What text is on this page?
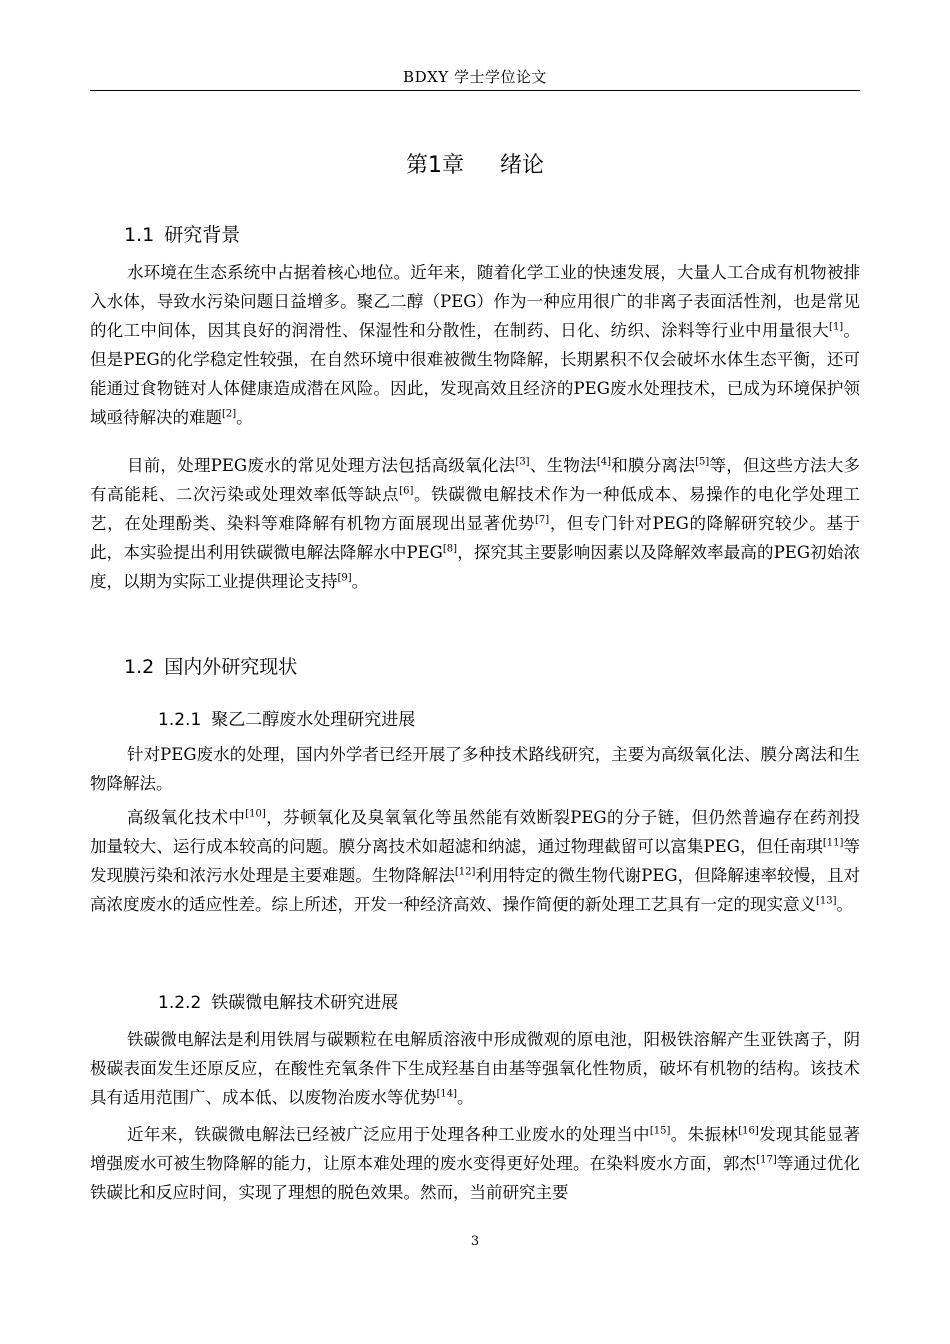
BDXY 学士学位论文
第1章 绪论
1.1 研究背景

水环境在生态系统中占据着核心地位。近年来，随着化学工业的快速发展，大量人工合成有机物被排入水体，导致水污染问题日益增多。聚乙二醇（PEG）作为一种应用很广的非离子表面活性剂，也是常见的化工中间体，因其良好的润滑性、保湿性和分散性，在制药、日化、纺织、涂料等行业中用量很大[1]。但是PEG的化学稳定性较强，在自然环境中很难被微生物降解，长期累积不仅会破坏水体生态平衡，还可能通过食物链对人体健康造成潜在风险。因此，发现高效且经济的PEG废水处理技术，已成为环境保护领域亟待解决的难题[2]。

目前，处理PEG废水的常见处理方法包括高级氧化法[3]、生物法[4]和膜分离法[5]等，但这些方法大多有高能耗、二次污染或处理效率低等缺点[6]。铁碳微电解技术作为一种低成本、易操作的电化学处理工艺，在处理酚类、染料等难降解有机物方面展现出显著优势[7]，但专门针对PEG的降解研究较少。基于此，本实验提出利用铁碳微电解法降解水中PEG[8]，探究其主要影响因素以及降解效率最高的PEG初始浓度，以期为实际工业提供理论支持[9]。

1.2 国内外研究现状
1.2.1 聚乙二醇废水处理研究进展

针对PEG废水的处理，国内外学者已经开展了多种技术路线研究，主要为高级氧化法、膜分离法和生物降解法。

高级氧化技术中[10]，芬顿氧化及臭氧氧化等虽然能有效断裂PEG的分子链，但仍然普遍存在药剂投加量较大、运行成本较高的问题。膜分离技术如超滤和纳滤，通过物理截留可以富集PEG，但任南琪[11]等发现膜污染和浓污水处理是主要难题。生物降解法[12]利用特定的微生物代谢PEG，但降解速率较慢，且对高浓度废水的适应性差。综上所述，开发一种经济高效、操作简便的新处理工艺具有一定的现实意义[13]。

1.2.2 铁碳微电解技术研究进展

铁碳微电解法是利用铁屑与碳颗粒在电解质溶液中形成微观的原电池，阳极铁溶解产生亚铁离子，阴极碳表面发生还原反应，在酸性充氧条件下生成羟基自由基等强氧化性物质，破坏有机物的结构。该技术具有适用范围广、成本低、以废物治废水等优势[14]。

近年来，铁碳微电解法已经被广泛应用于处理各种工业废水的处理当中[15]。朱振林[16]发现其能显著增强废水可被生物降解的能力，让原本难处理的废水变得更好处理。在染料废水方面，郭杰[17]等通过优化铁碳比和反应时间，实现了理想的脱色效果。然而，当前研究主要

3
